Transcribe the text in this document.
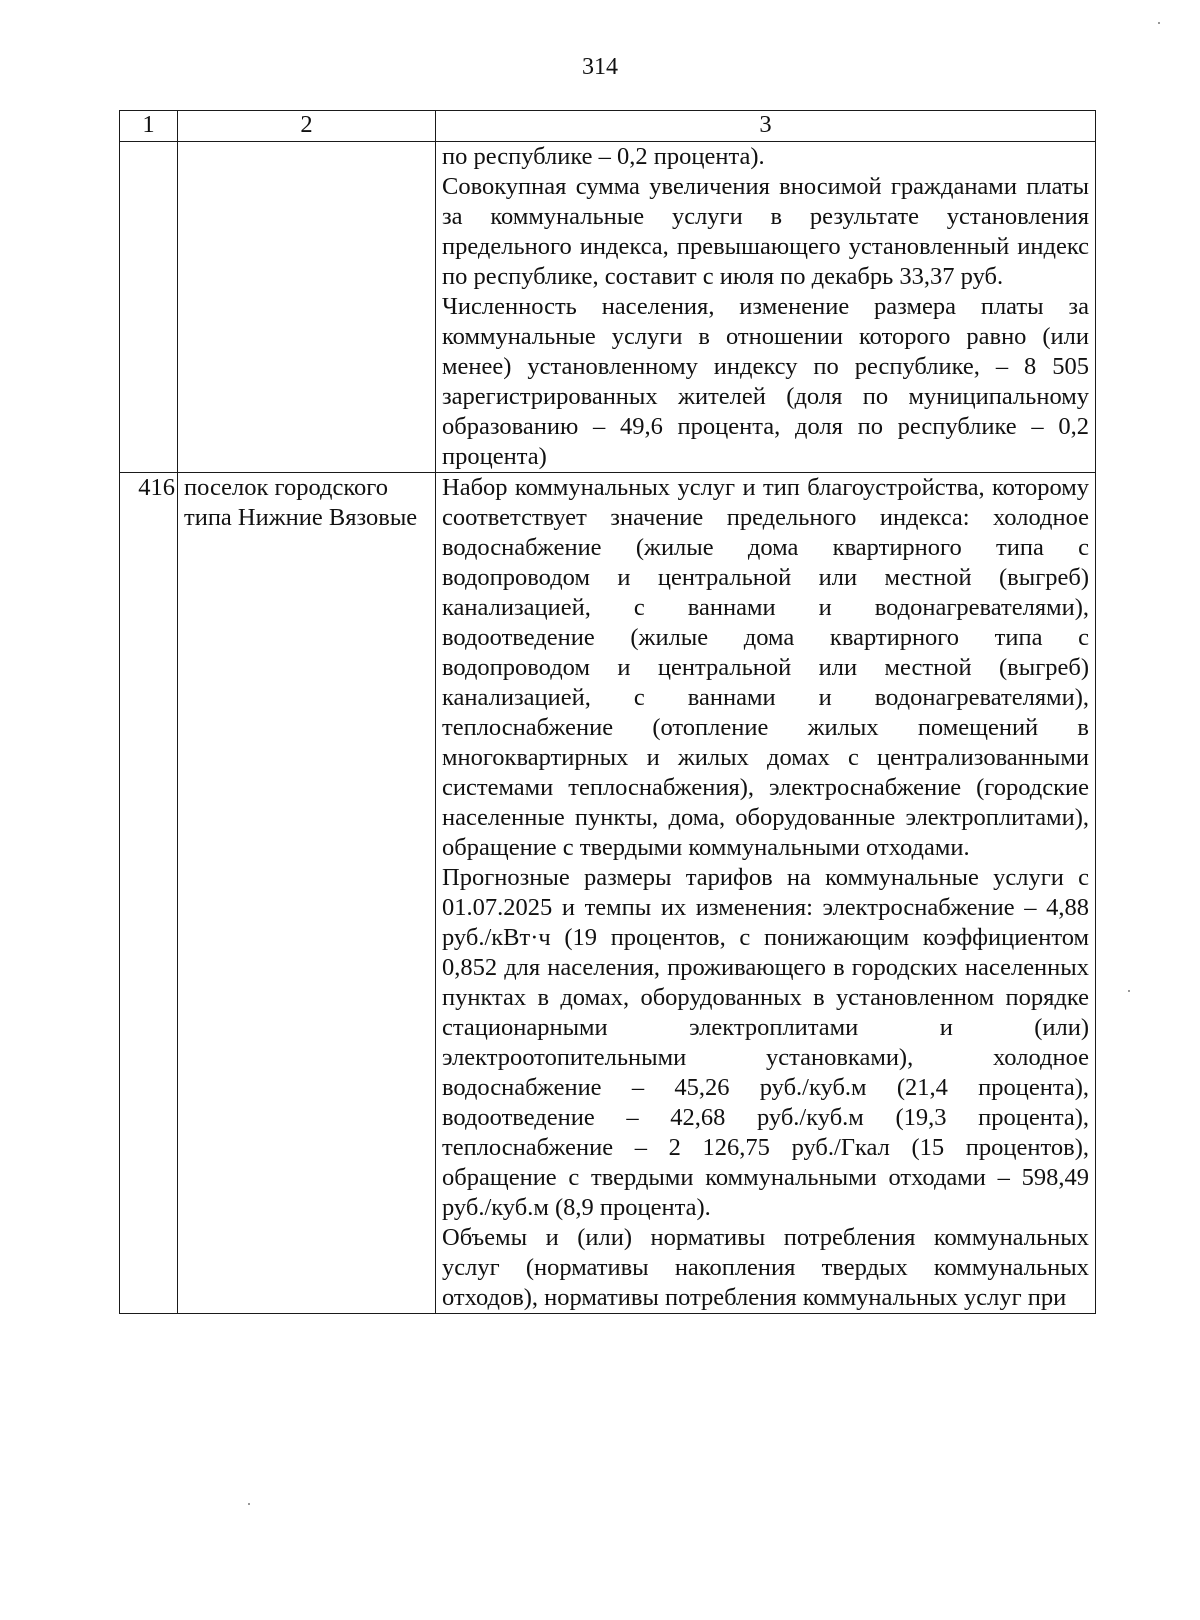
314
1	2	3

		по республике – 0,2 процента).

Совокупная сумма увеличения вносимой гражданами платы за коммунальные услуги в результате установления предельного индекса, превышающего установленный индекс по республике, составит с июля по декабрь 33,37 руб.

Численность населения, изменение размера платы за коммунальные услуги в отношении которого равно (или менее) установленному индексу по республике, – 8 505 зарегистрированных жителей (доля по муниципальному образованию – 49,6 процента, доля по республике – 0,2 процента)

416	поселок городского типа Нижние Вязовые	Набор коммунальных услуг и тип благоустройства, которому соответствует значение предельного индекса: холодное водоснабжение (жилые дома квартирного типа с водопроводом и центральной или местной (выгреб) канализацией, с ваннами и водонагревателями), водоотведение (жилые дома квартирного типа с водопроводом и центральной или местной (выгреб) канализацией, с ваннами и водонагревателями), теплоснабжение (отопление жилых помещений в многоквартирных и жилых домах с централизованными системами теплоснабжения), электроснабжение (городские населенные пункты, дома, оборудованные электроплитами), обращение с твердыми коммунальными отходами.

Прогнозные размеры тарифов на коммунальные услуги с 01.07.2025 и темпы их изменения: электроснабжение – 4,88 руб./кВт·ч (19 процентов, с понижающим коэффициентом 0,852 для населения, проживающего в городских населенных пунктах в домах, оборудованных в установленном порядке стационарными электроплитами и (или) электроотопительными установками), холодное водоснабжение – 45,26 руб./куб.м (21,4 процента), водоотведение – 42,68 руб./куб.м (19,3 процента), теплоснабжение – 2 126,75 руб./Гкал (15 процентов), обращение с твердыми коммунальными отходами – 598,49 руб./куб.м (8,9 процента).

Объемы и (или) нормативы потребления коммунальных услуг (нормативы накопления твердых коммунальных отходов), нормативы потребления коммунальных услуг при
